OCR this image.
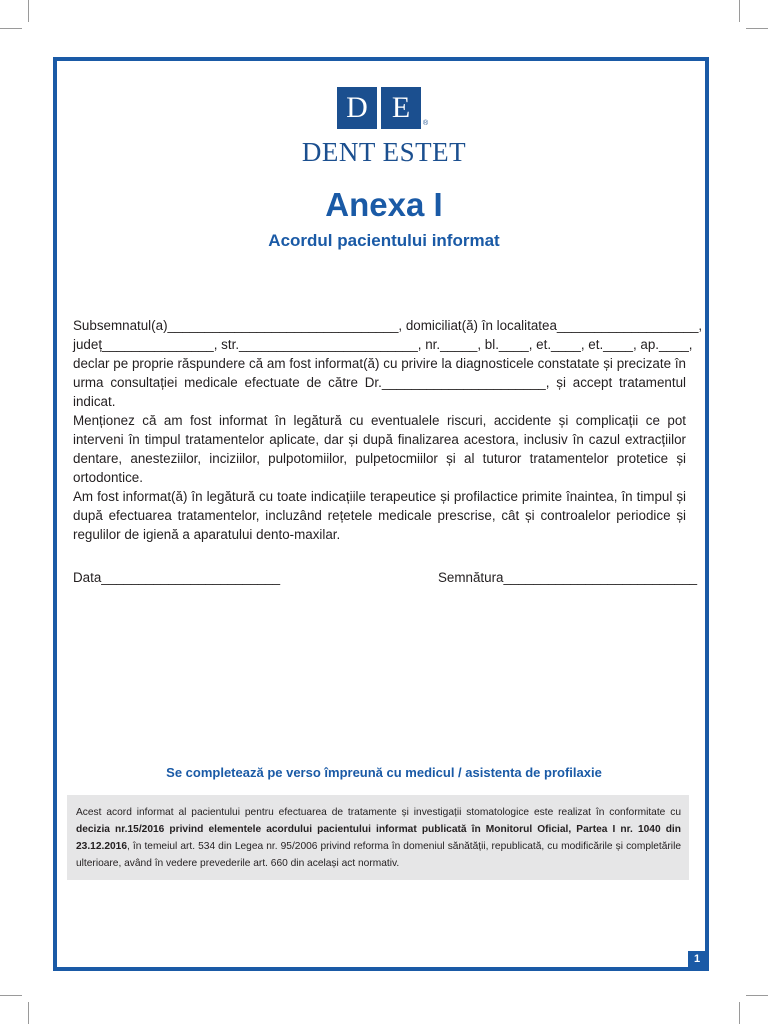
D E	®
DENT ESTET
Anexa I
Acordul pacientului informat

Subsemnatul(a)_______________________________, domiciliat(ă) în localitatea___________________,

județ_______________, str.________________________, nr._____, bl.____, et.____, et.____, ap.____,

declar pe proprie răspundere că am fost informat(ă) cu privire la diagnosticele constatate și precizate în urma consultației medicale efectuate de către Dr.______________________, și accept tratamentul indicat.

Menționez că am fost informat în legătură cu eventualele riscuri, accidente și complicații ce pot interveni în timpul tratamentelor aplicate, dar și după finalizarea acestora, inclusiv în cazul extracțiilor dentare, anesteziilor, inciziilor, pulpotomiilor, pulpetocmiilor și al tuturor tratamentelor protetice și ortodontice.

Am fost informat(ă) în legătură cu toate indicațiile terapeutice și profilactice primite înaintea, în timpul și după efectuarea tratamentelor, incluzând rețetele medicale prescrise, cât și controalelor periodice și regulilor de igienă a aparatului dento-maxilar.

Data________________________	Semnătura__________________________
Se completează pe verso împreună cu medicul / asistenta de profilaxie
Acest acord informat al pacientului pentru efectuarea de tratamente și investigații stomatologice este realizat în conformitate cu decizia nr.15/2016 privind elementele acordului pacientului informat publicată în Monitorul Oficial, Partea I nr. 1040 din 23.12.2016, în temeiul art. 534 din Legea nr. 95/2006 privind reforma în domeniul sănătății, republicată, cu modificările și completările ulterioare, având în vedere prevederile art. 660 din același act normativ.
1
